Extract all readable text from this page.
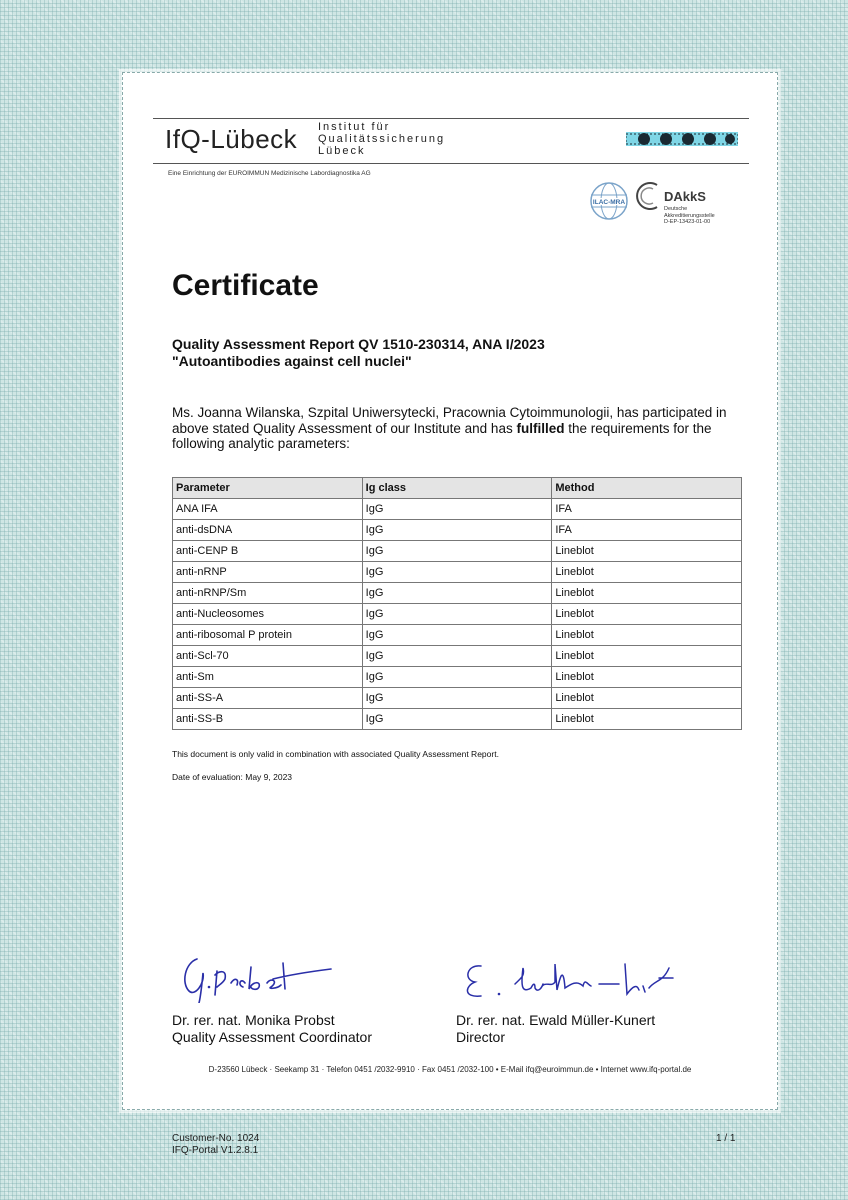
IfQ-Lübeck Institut für
Qualitätssicherung
Lübeck
Eine Einrichtung der EUROIMMUN Medizinische Labordiagnostika AG
ILAC-MRA	DAkkS
Deutsche
Akkreditierungsstelle
D-EP-13423-01-00
Certificate
Quality Assessment Report QV 1510-230314, ANA I/2023
"Autoantibodies against cell nuclei"
Ms. Joanna Wilanska, Szpital Uniwersytecki, Pracownia Cytoimmunologii, has participated in above stated Quality Assessment of our Institute and has fulfilled the requirements for the following analytic parameters:
Parameter	Ig class	Method
ANA IFA	IgG	IFA
anti-dsDNA	IgG	IFA
anti-CENP B	IgG	Lineblot
anti-nRNP	IgG	Lineblot
anti-nRNP/Sm	IgG	Lineblot
anti-Nucleosomes	IgG	Lineblot
anti-ribosomal P protein	IgG	Lineblot
anti-Scl-70	IgG	Lineblot
anti-Sm	IgG	Lineblot
anti-SS-A	IgG	Lineblot
anti-SS-B	IgG	Lineblot
This document is only valid in combination with associated Quality Assessment Report.
Date of evaluation: May 9, 2023
Dr. rer. nat. Monika Probst
Quality Assessment Coordinator
Dr. rer. nat. Ewald Müller-Kunert
Director
D-23560 Lübeck · Seekamp 31 · Telefon 0451 /2032-9910 · Fax 0451 /2032-100 • E-Mail ifq@euroimmun.de • Internet www.ifq-portal.de
Customer-No. 1024
IFQ-Portal V1.2.8.1
1 / 1
